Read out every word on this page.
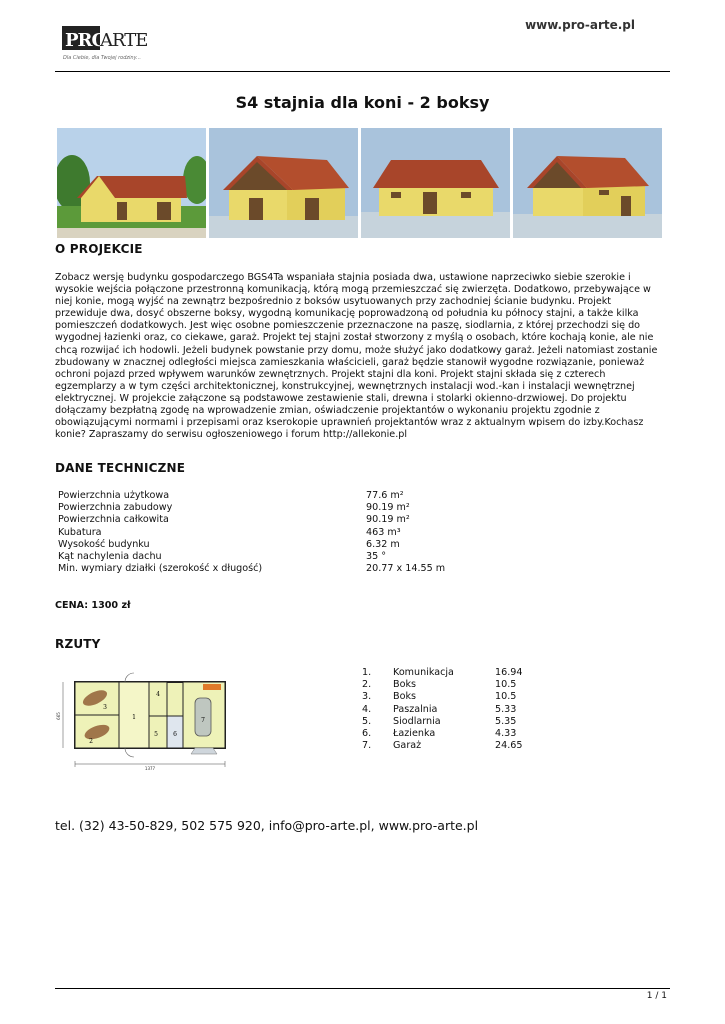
PRO
ARTE
Dla Ciebie, dla Twojej rodziny...
www.pro-arte.pl
S4 stajnia dla koni - 2 boksy
O PROJEKCIE
Zobacz wersję budynku gospodarczego BGS4Ta wspaniała stajnia posiada dwa, ustawione naprzeciwko siebie szerokie i wysokie wejścia połączone przestronną komunikacją, którą mogą przemieszczać się zwierzęta. Dodatkowo, przebywające w niej konie, mogą wyjść na zewnątrz bezpośrednio z boksów usytuowanych przy zachodniej ścianie budynku. Projekt przewiduje dwa, dosyć obszerne boksy, wygodną komunikację poprowadzoną od południa ku północy stajni, a także kilka pomieszczeń dodatkowych. Jest więc osobne pomieszczenie przeznaczone na paszę, siodlarnia, z której przechodzi się do wygodnej łazienki oraz, co ciekawe, garaż. Projekt tej stajni został stworzony z myślą o osobach, które kochają konie, ale nie chcą rozwijać ich hodowli. Jeżeli budynek powstanie przy domu, może służyć jako dodatkowy garaż. Jeżeli natomiast zostanie zbudowany w znacznej odległości miejsca zamieszkania właścicieli, garaż będzie stanowił wygodne rozwiązanie, ponieważ ochroni pojazd przed wpływem warunków zewnętrznych. Projekt stajni dla koni. Projekt stajni składa się z czterech egzemplarzy a w tym części architektonicznej, konstrukcyjnej, wewnętrznych instalacji wod.-kan i instalacji wewnętrznej elektrycznej. W projekcie załączone są podstawowe zestawienie stali, drewna i stolarki okienno-drzwiowej. Do projektu dołączamy bezpłatną zgodę na wprowadzenie zmian, oświadczenie projektantów o wykonaniu projektu zgodnie z obowiązującymi normami i przepisami oraz kserokopie uprawnień projektantów wraz z aktualnym wpisem do izby.Kochasz konie? Zapraszamy do serwisu ogłoszeniowego i forum http://allekonie.pl
DANE TECHNICZNE
Powierzchnia użytkowa	77.6 m²
Powierzchnia zabudowy	90.19 m²
Powierzchnia całkowita	90.19 m²
Kubatura	463 m³
Wysokość budynku	6.32 m
Kąt nachylenia dachu	35 °
Min. wymiary działki (szerokość x długość)	20.77 x 14.55 m
CENA: 1300 zł
RZUTY
1377
665	1
2
3
4
5	6
7
1. Komunikacja	16.94
2. Boks	10.5
3. Boks	10.5
4. Paszalnia	5.33
5. Siodlarnia	5.35
6. Łazienka	4.33
7. Garaż	24.65
tel. (32) 43-50-829, 502 575 920, info@pro-arte.pl, www.pro-arte.pl
1 / 1
